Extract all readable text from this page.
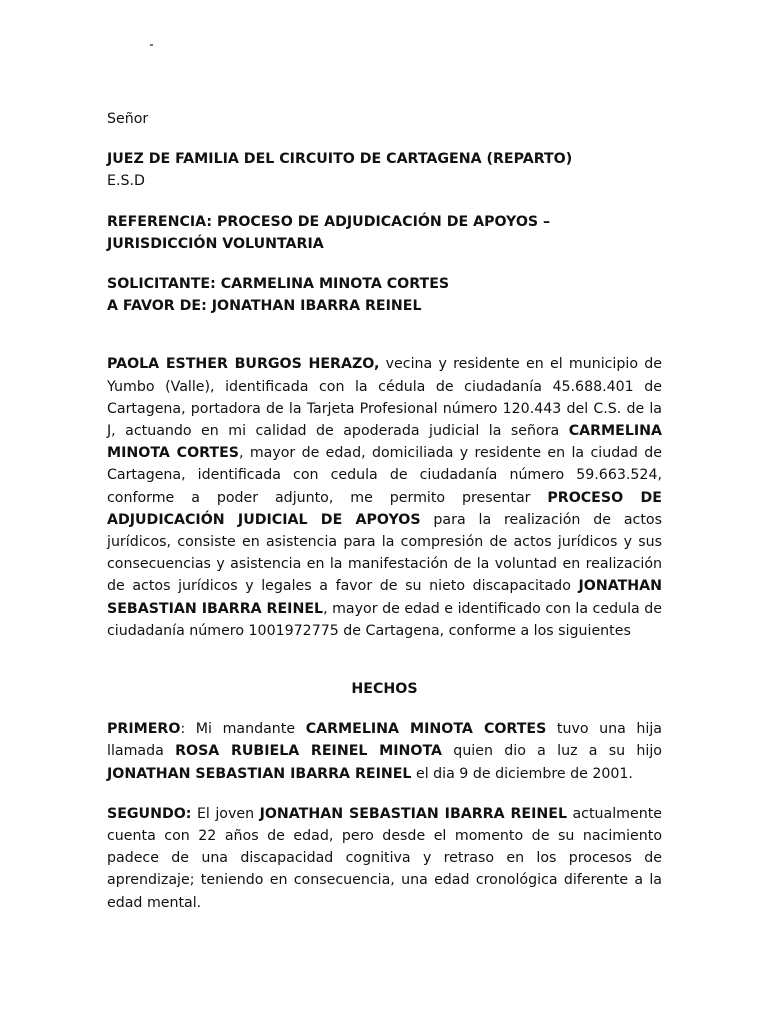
Señor

JUEZ DE FAMILIA DEL CIRCUITO DE CARTAGENA (REPARTO)

E.S.D

REFERENCIA: PROCESO DE ADJUDICACIÓN DE APOYOS – JURISDICCIÓN VOLUNTARIA

SOLICITANTE: CARMELINA MINOTA CORTES

A FAVOR DE: JONATHAN IBARRA REINEL

PAOLA ESTHER BURGOS HERAZO, vecina y residente en el municipio de Yumbo (Valle), identificada con la cédula de ciudadanía 45.688.401 de Cartagena, portadora de la Tarjeta Profesional número 120.443 del C.S. de la J, actuando en mi calidad de apoderada judicial la señora CARMELINA MINOTA CORTES, mayor de edad, domiciliada y residente en la ciudad de Cartagena, identificada con cedula de ciudadanía número 59.663.524, conforme a poder adjunto, me permito presentar PROCESO DE ADJUDICACIÓN JUDICIAL DE APOYOS para la realización de actos jurídicos, consiste en asistencia para la compresión de actos jurídicos y sus consecuencias y asistencia en la manifestación de la voluntad en realización de actos jurídicos y legales a favor de su nieto discapacitado JONATHAN SEBASTIAN IBARRA REINEL, mayor de edad e identificado con la cedula de ciudadanía número 1001972775 de Cartagena, conforme a los siguientes

HECHOS

PRIMERO: Mi mandante CARMELINA MINOTA CORTES tuvo una hija llamada ROSA RUBIELA REINEL MINOTA quien dio a luz a su hijo JONATHAN SEBASTIAN IBARRA REINEL el dia 9 de diciembre de 2001.

SEGUNDO: El joven JONATHAN SEBASTIAN IBARRA REINEL actualmente cuenta con 22 años de edad, pero desde el momento de su nacimiento padece de una discapacidad cognitiva y retraso en los procesos de aprendizaje; teniendo en consecuencia, una edad cronológica diferente a la edad mental.
